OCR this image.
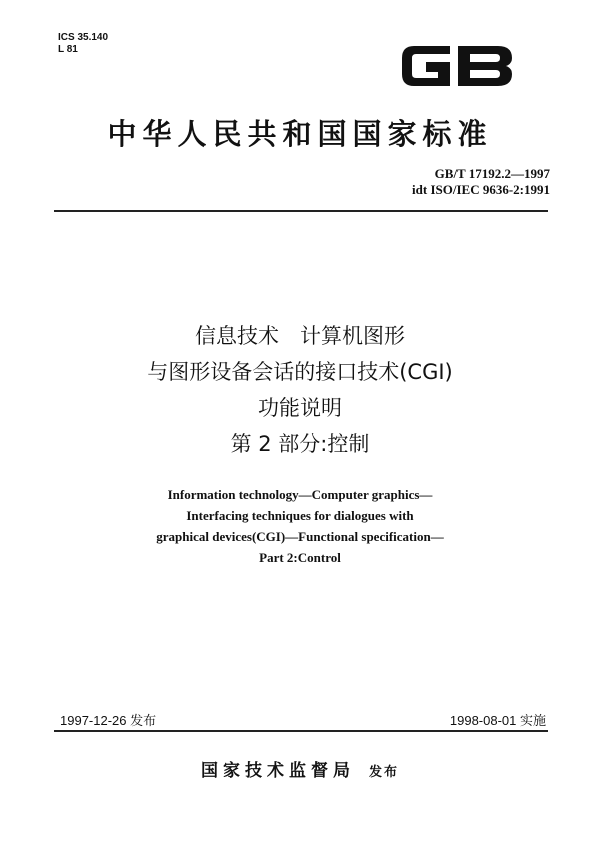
ICS 35.140
L 81
中华人民共和国国家标准
GB/T 17192.2—1997
idt ISO/IEC 9636-2:1991
信息技术　计算机图形
与图形设备会话的接口技术(CGI)
功能说明
第 2 部分:控制
Information technology—Computer graphics—
Interfacing techniques for dialogues with
graphical devices(CGI)—Functional specification—
Part 2:Control
1997-12-26 发布	1998-08-01 实施
国家技术监督局 发布
